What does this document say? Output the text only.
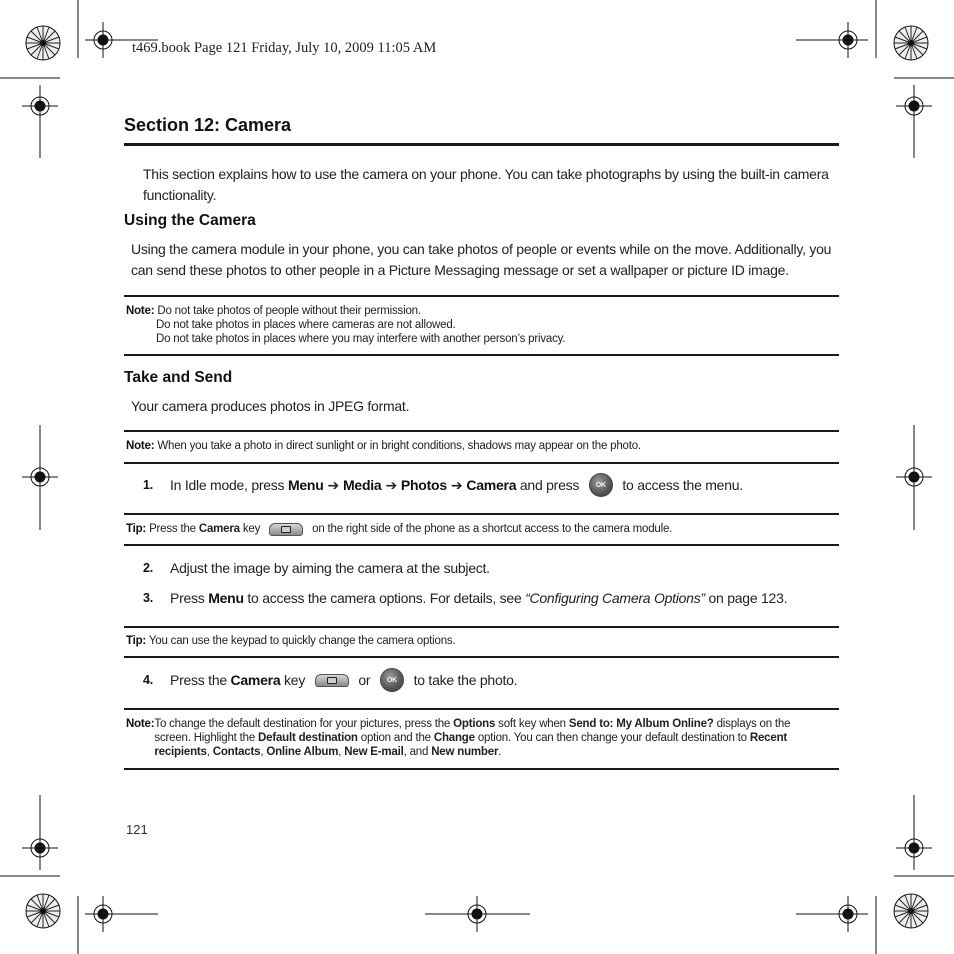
t469.book Page 121 Friday, July 10, 2009 11:05 AM
Section 12: Camera

This section explains how to use the camera on your phone. You can take photographs by using the built-in camera functionality.

Using the Camera

Using the camera module in your phone, you can take photos of people or events while on the move. Additionally, you can send these photos to other people in a Picture Messaging message or set a wallpaper or picture ID image.

Note: Do not take photos of people without their permission.
Do not take photos in places where cameras are not allowed.
Do not take photos in places where you may interfere with another person’s privacy.
Take and Send

Your camera produces photos in JPEG format.

Note: When you take a photo in direct sunlight or in bright conditions, shadows may appear on the photo.
1.	In Idle mode, press Menu ➔ Media ➔ Photos ➔ Camera and press	OK to access the menu.
Tip: Press the Camera key	on the right side of the phone as a shortcut access to the camera module.
2.	Adjust the image by aiming the camera at the subject.
3.	Press Menu to access the camera options. For details, see “Configuring Camera Options” on page 123.
Tip: You can use the keypad to quickly change the camera options.
4.	Press the Camera key	or	OK to take the photo.
Note: To change the default destination for your pictures, press the Options soft key when Send to: My Album Online? displays on the screen. Highlight the Default destination option and the Change option. You can then change your default destination to Recent recipients, Contacts, Online Album, New E-mail, and New number.
121
